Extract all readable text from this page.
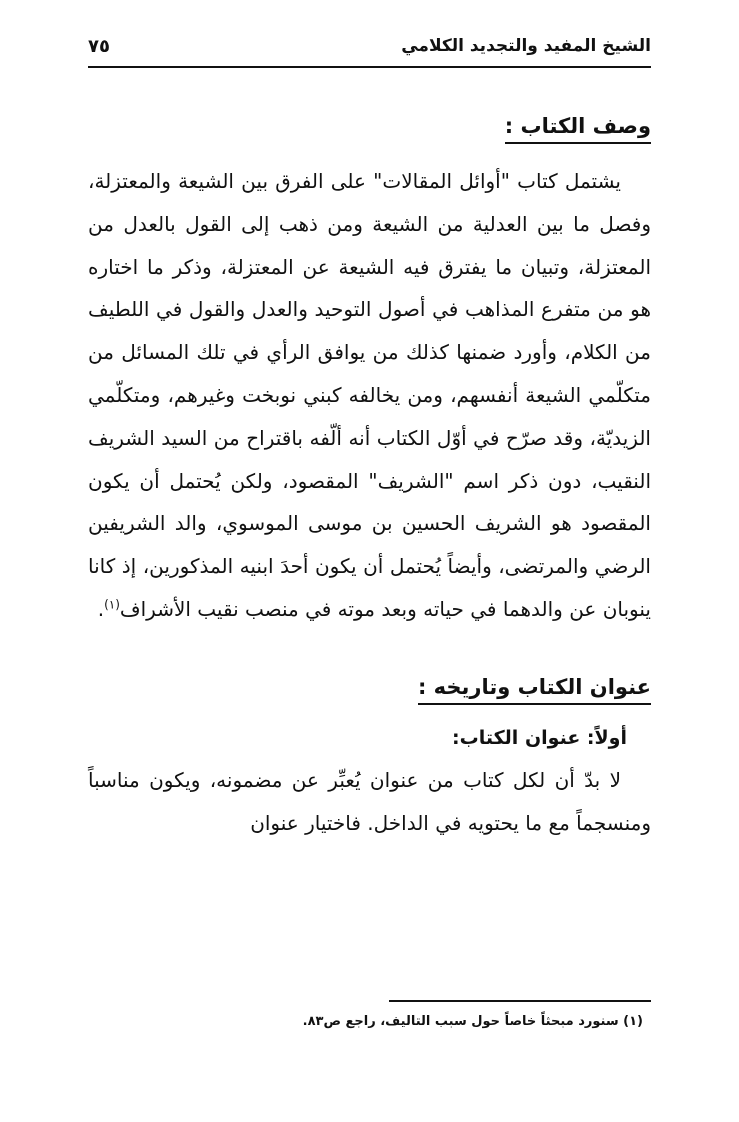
الشيخ المفيد والتجديد الكلامي
٧٥
وصف الكتاب :

يشتمل كتاب "أوائل المقالات" على الفرق بين الشيعة والمعتزلة، وفصل ما بين العدلية من الشيعة ومن ذهب إلى القول بالعدل من المعتزلة، وتبيان ما يفترق فيه الشيعة عن المعتزلة، وذكر ما اختاره هو من متفرع المذاهب في أصول التوحيد والعدل والقول في اللطيف من الكلام، وأورد ضمنها كذلك من يوافق الرأي في تلك المسائل من متكلّمي الشيعة أنفسهم، ومن يخالفه كبني نوبخت وغيرهم، ومتكلّمي الزيديّة، وقد صرّح في أوّل الكتاب أنه ألّفه باقتراح من السيد الشريف النقيب، دون ذكر اسم "الشريف" المقصود، ولكن يُحتمل أن يكون المقصود هو الشريف الحسين بن موسى الموسوي، والد الشريفين الرضي والمرتضى، وأيضاً يُحتمل أن يكون أحدَ ابنيه المذكورين، إذ كانا ينوبان عن والدهما في حياته وبعد موته في منصب نقيب الأشراف$^{(١)}$.

عنوان الكتاب وتاريخه :
أولاً: عنوان الكتاب:

لا بدّ أن لكل كتاب من عنوان يُعبِّر عن مضمونه، ويكون مناسباً ومنسجماً مع ما يحتويه في الداخل. فاختيار عنوان

(١) سنورد مبحثاً خاصاً حول سبب التاليف، راجع ص٨٣.
